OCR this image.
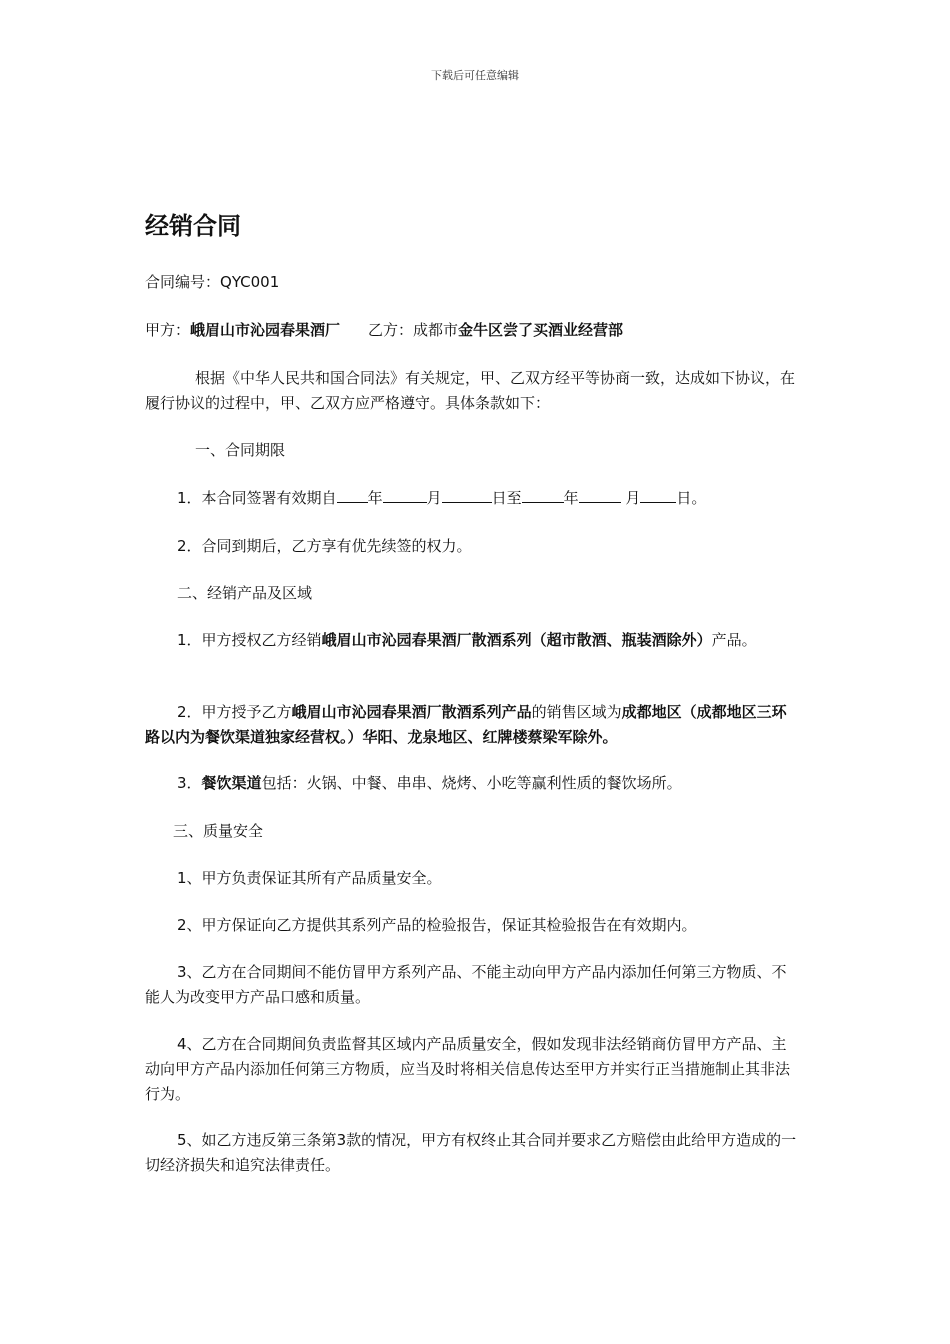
下载后可任意编辑
经销合同
合同编号：QYC001
甲方：峨眉山市沁园春果酒厂 乙方：成都市金牛区尝了买酒业经营部
根据《中华人民共和国合同法》有关规定，甲、乙双方经平等协商一致，达成如下协议，在履行协议的过程中，甲、乙双方应严格遵守。具体条款如下：
一、合同期限
1．本合同签署有效期自 年	月	日至	年	月 日。
2．合同到期后，乙方享有优先续签的权力。
二、经销产品及区域
1．甲方授权乙方经销峨眉山市沁园春果酒厂散酒系列（超市散酒、瓶装酒除外）产品。
2．甲方授予乙方峨眉山市沁园春果酒厂散酒系列产品的销售区域为成都地区（成都地区三环路以内为餐饮渠道独家经营权。）华阳、龙泉地区、红牌楼蔡梁军除外。
3．餐饮渠道包括：火锅、中餐、串串、烧烤、小吃等赢利性质的餐饮场所。
三、质量安全
1、甲方负责保证其所有产品质量安全。
2、甲方保证向乙方提供其系列产品的检验报告，保证其检验报告在有效期内。
3、乙方在合同期间不能仿冒甲方系列产品、不能主动向甲方产品内添加任何第三方物质、不能人为改变甲方产品口感和质量。
4、乙方在合同期间负责监督其区域内产品质量安全，假如发现非法经销商仿冒甲方产品、主动向甲方产品内添加任何第三方物质，应当及时将相关信息传达至甲方并实行正当措施制止其非法行为。
5、如乙方违反第三条第3款的情况，甲方有权终止其合同并要求乙方赔偿由此给甲方造成的一切经济损失和追究法律责任。
